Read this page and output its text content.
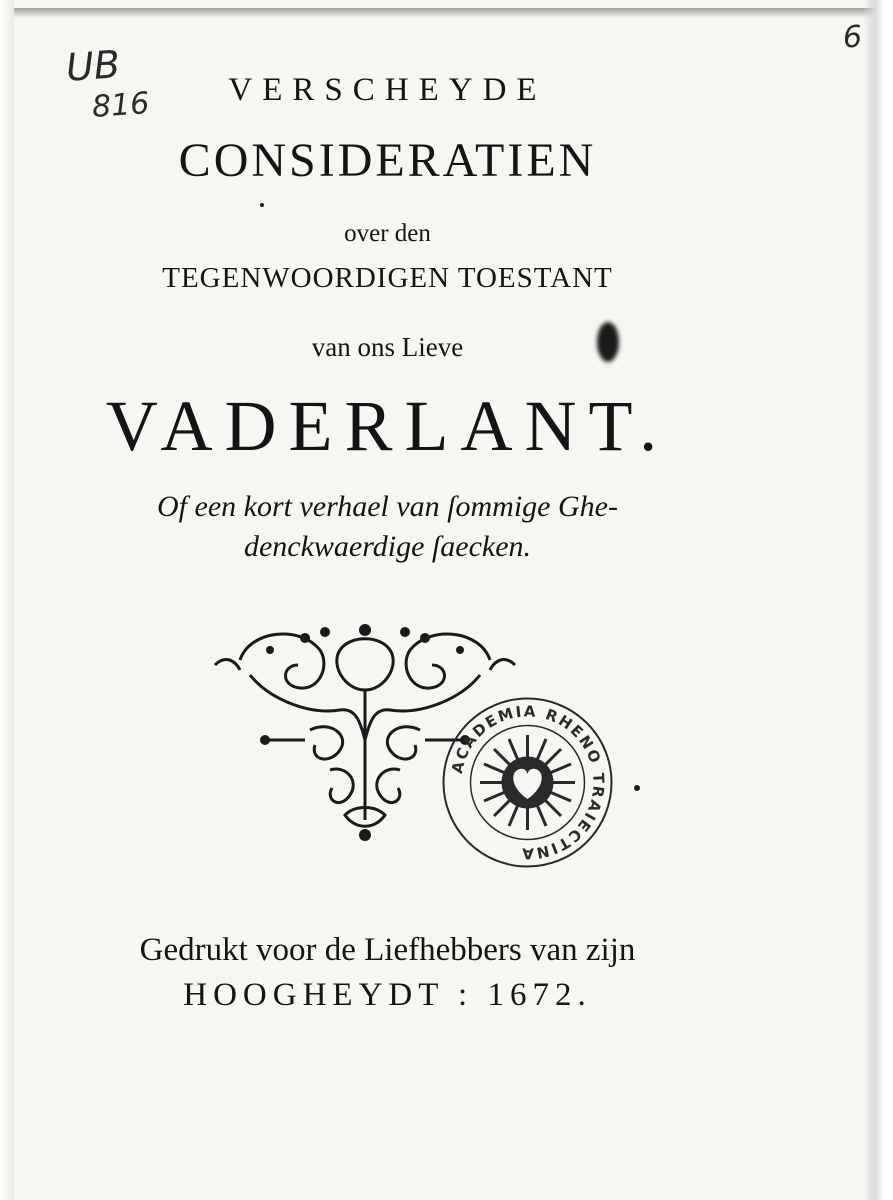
UB
816
6
VERSCHEYDE
CONSIDERATIEN
over den
TEGENWOORDIGEN TOESTANT
van ons Lieve
VADERLANT.
Of een kort verhael van ſommige Ghe-
denckwaerdige ſaecken.
ACADEMIA RHENO TRAIECTINA
Gedrukt voor de Liefhebbers van zijn
HOOGHEYDT : 1672.
